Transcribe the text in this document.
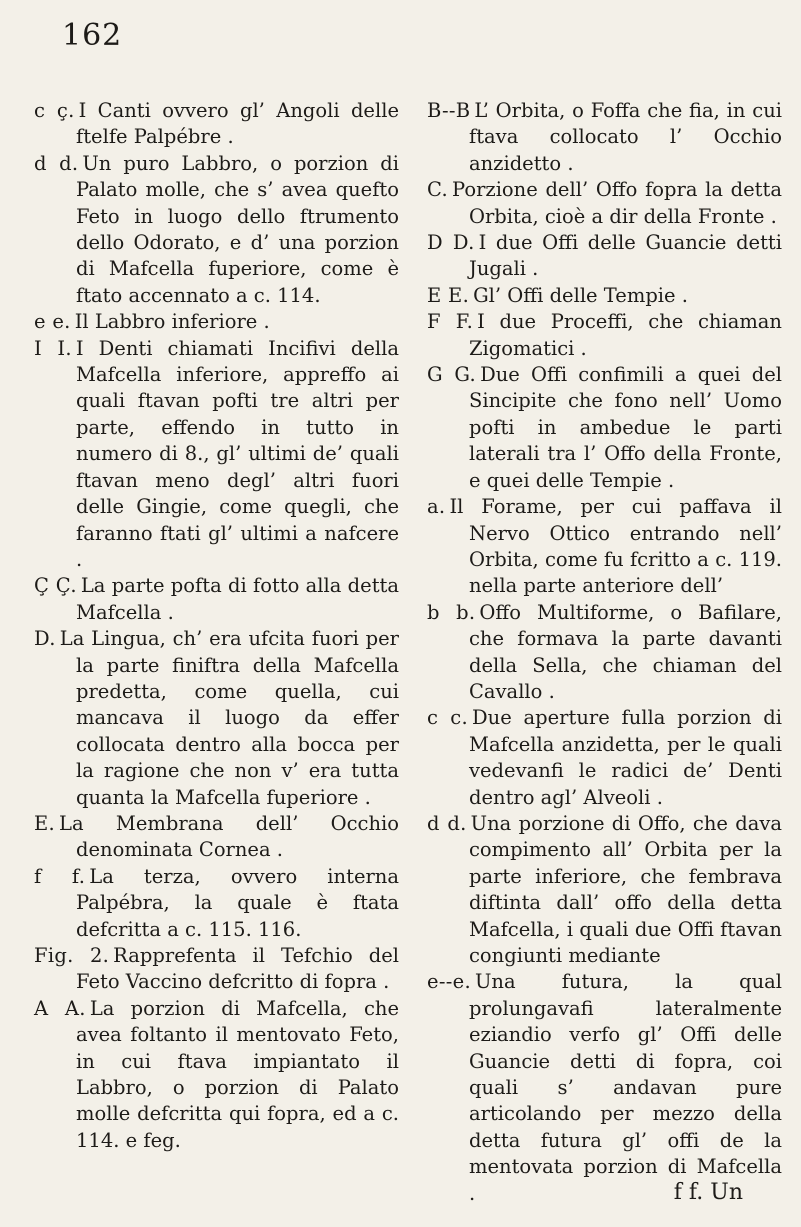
162

c ç. I Canti ovvero gl’ Angoli delle ftelfe Palpébre .

d d. Un puro Labbro, o porzion di Palato molle, che s’ avea quefto Feto in luogo dello ftrumento dello Odorato, e d’ una porzion di Mafcella fuperiore, come è ftato accennato a c. 114.

e e. Il Labbro inferiore .

I I. I Denti chiamati Incifivi della Mafcella inferiore, appreffo ai quali ftavan pofti tre altri per parte, effendo in tutto in numero di 8., gl’ ultimi de’ quali ftavan meno degl’ altri fuori delle Gingie, come quegli, che faranno ftati gl’ ultimi a nafcere .

Ç Ç. La parte pofta di fotto alla detta Mafcella .

D. La Lingua, ch’ era ufcita fuori per la parte finiftra della Mafcella predetta, come quella, cui mancava il luogo da effer collocata dentro alla bocca per la ragione che non v’ era tutta quanta la Mafcella fuperiore .

E. La Membrana dell’ Occhio denominata Cornea .

f f. La terza, ovvero interna Palpébra, la quale è ftata defcritta a c. 115. 116.

Fig. 2. Rapprefenta il Tefchio del Feto Vaccino defcritto di fopra .

A A. La porzion di Mafcella, che avea foltanto il mentovato Feto, in cui ftava impiantato il Labbro, o porzion di Palato molle defcritta qui fopra, ed a c. 114. e feg.

B--B L’ Orbita, o Foffa che fia, in cui ftava collocato l’ Occhio anzidetto .

C. Porzione dell’ Offo fopra la detta Orbita, cioè a dir della Fronte .

D D. I due Offi delle Guancie detti Jugali .

E E. Gl’ Offi delle Tempie .

F F. I due Proceffi, che chiaman Zigomatici .

G G. Due Offi confimili a quei del Sincipite che fono nell’ Uomo pofti in ambedue le parti laterali tra l’ Offo della Fronte, e quei delle Tempie .

a. Il Forame, per cui paffava il Nervo Ottico entrando nell’ Orbita, come fu fcritto a c. 119. nella parte anteriore dell’

b b. Offo Multiforme, o Bafilare, che formava la parte davanti della Sella, che chiaman del Cavallo .

c c. Due aperture fulla porzion di Mafcella anzidetta, per le quali vedevanfi le radici de’ Denti dentro agl’ Alveoli .

d d. Una porzione di Offo, che dava compimento all’ Orbita per la parte inferiore, che fembrava diftinta dall’ offo della detta Mafcella, i quali due Offi ftavan congiunti mediante

e--e. Una futura, la qual prolungavafi lateralmente eziandio verfo gl’ Offi delle Guancie detti di fopra, coi quali s’ andavan pure articolando per mezzo della detta futura gl’ offi de la mentovata porzion di Mafcella .	f f. Un
